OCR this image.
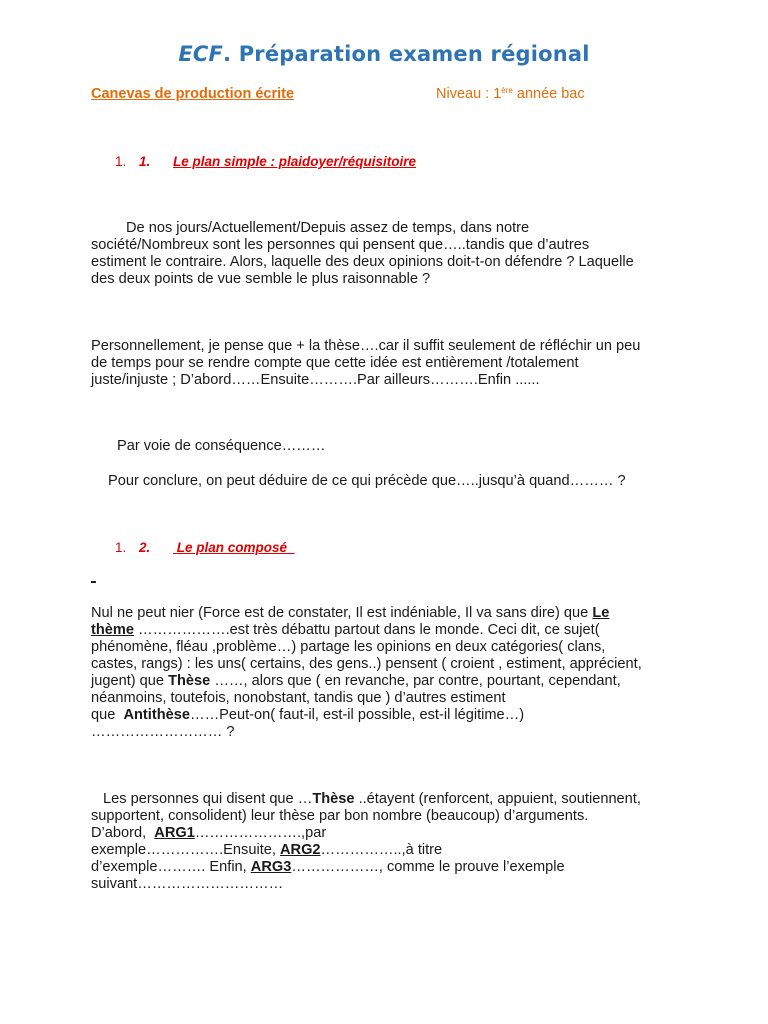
ECF. Préparation examen régional
Canevas de production écrite	Niveau : 1ère année bac
1. 1. Le plan simple : plaidoyer/réquisitoire
De nos jours/Actuellement/Depuis assez de temps, dans notre
société/Nombreux sont les personnes qui pensent que…..tandis que d’autres
estiment le contraire. Alors, laquelle des deux opinions doit-t-on défendre ? Laquelle
des deux points de vue semble le plus raisonnable ?
Personnellement, je pense que + la thèse….car il suffit seulement de réfléchir un peu
de temps pour se rendre compte que cette idée est entièrement /totalement
juste/injuste ; D’abord……Ensuite……….Par ailleurs……….Enfin ......
Par voie de conséquence………
Pour conclure, on peut déduire de ce qui précède que…..jusqu’à quand……… ?
1. 2. Le plan composé
Nul ne peut nier (Force est de constater, Il est indéniable, Il va sans dire) que Le
thème ……………….est très débattu partout dans le monde. Ceci dit, ce sujet(
phénomène, fléau ,problème…) partage les opinions en deux catégories( clans,
castes, rangs) : les uns( certains, des gens..) pensent ( croient , estiment, apprécient,
jugent) que Thèse ……, alors que ( en revanche, par contre, pourtant, cependant,
néanmoins, toutefois, nonobstant, tandis que ) d’autres estiment
que  Antithèse……Peut-on( faut-il, est-il possible, est-il légitime…)
……………………… ?
Les personnes qui disent que …Thèse ..étayent (renforcent, appuient, soutiennent,
supportent, consolident) leur thèse par bon nombre (beaucoup) d’arguments.
D’abord,  ARG1………………….,par
exemple…………….Ensuite, ARG2……………..,à titre
d’exemple………. Enfin, ARG3………………, comme le prouve l’exemple
suivant…………………………
